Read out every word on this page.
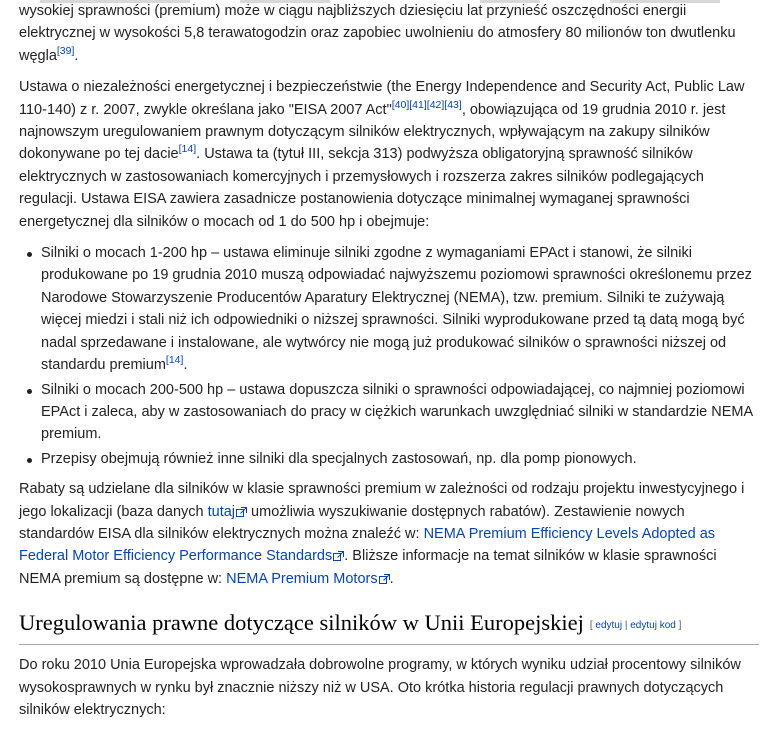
wysokiej sprawności (premium) może w ciągu najbliższych dziesięciu lat przynieść oszczędności energii elektrycznej w wysokości 5,8 terawatogodzin oraz zapobiec uwolnieniu do atmosfery 80 milionów ton dwutlenku węgla[39].

Ustawa o niezależności energetycznej i bezpieczeństwie (the Energy Independence and Security Act, Public Law 110-140) z r. 2007, zwykle określana jako "EISA 2007 Act"[40][41][42][43], obowiązująca od 19 grudnia 2010 r. jest najnowszym uregulowaniem prawnym dotyczącym silników elektrycznych, wpływającym na zakupy silników dokonywane po tej dacie[14]. Ustawa ta (tytuł III, sekcja 313) podwyższa obligatoryjną sprawność silników elektrycznych w zastosowaniach komercyjnych i przemysłowych i rozszerza zakres silników podlegających regulacji. Ustawa EISA zawiera zasadnicze postanowienia dotyczące minimalnej wymaganej sprawności energetycznej dla silników o mocach od 1 do 500 hp i obejmuje:

Silniki o mocach 1-200 hp – ustawa eliminuje silniki zgodne z wymaganiami EPAct i stanowi, że silniki produkowane po 19 grudnia 2010 muszą odpowiadać najwyższemu poziomowi sprawności określonemu przez Narodowe Stowarzyszenie Producentów Aparatury Elektrycznej (NEMA), tzw. premium. Silniki te zużywają więcej miedzi i stali niż ich odpowiedniki o niższej sprawności. Silniki wyprodukowane przed tą datą mogą być nadal sprzedawane i instalowane, ale wytwórcy nie mogą już produkować silników o sprawności niższej od standardu premium[14].
Silniki o mocach 200-500 hp – ustawa dopuszcza silniki o sprawności odpowiadającej, co najmniej poziomowi EPAct i zaleca, aby w zastosowaniach do pracy w ciężkich warunkach uwzględniać silniki w standardzie NEMA premium.
Przepisy obejmują również inne silniki dla specjalnych zastosowań, np. dla pomp pionowych.

Rabaty są udzielane dla silników w klasie sprawności premium w zależności od rodzaju projektu inwestycyjnego i jego lokalizacji (baza danych tutaj umożliwia wyszukiwanie dostępnych rabatów). Zestawienie nowych standardów EISA dla silników elektrycznych można znaleźć w: NEMA Premium Efficiency Levels Adopted as Federal Motor Efficiency Performance Standards . Bliższe informacje na temat silników w klasie sprawności NEMA premium są dostępne w: NEMA Premium Motors .

Uregulowania prawne dotyczące silników w Unii Europejskiej [ edytuj | edytuj kod ]

Do roku 2010 Unia Europejska wprowadzała dobrowolne programy, w których wyniku udział procentowy silników wysokosprawnych w rynku był znacznie niższy niż w USA. Oto krótka historia regulacji prawnych dotyczących silników elektrycznych:
